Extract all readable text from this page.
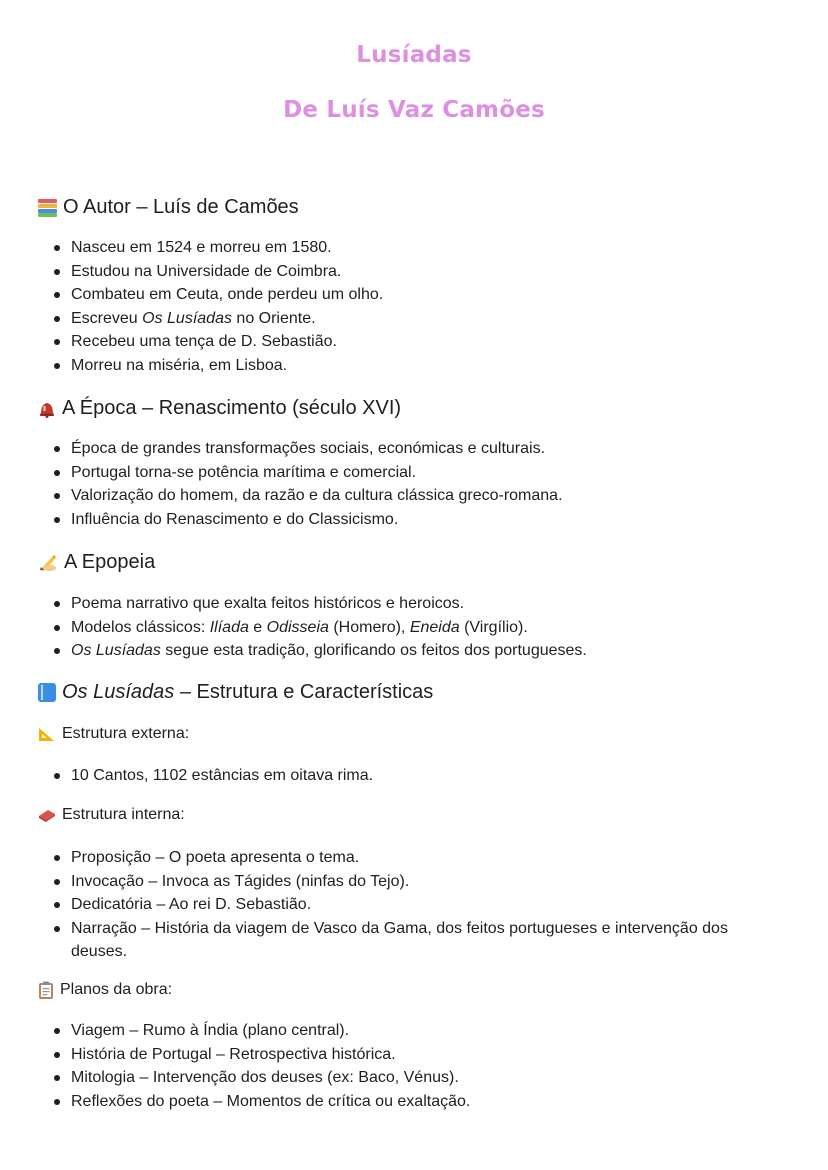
Lusíadas
De Luís Vaz Camões
O Autor – Luís de Camões
Nasceu em 1524 e morreu em 1580.
Estudou na Universidade de Coimbra.
Combateu em Ceuta, onde perdeu um olho.
Escreveu Os Lusíadas no Oriente.
Recebeu uma tença de D. Sebastião.
Morreu na miséria, em Lisboa.
A Época – Renascimento (século XVI)
Época de grandes transformações sociais, económicas e culturais.
Portugal torna-se potência marítima e comercial.
Valorização do homem, da razão e da cultura clássica greco-romana.
Influência do Renascimento e do Classicismo.
A Epopeia
Poema narrativo que exalta feitos históricos e heroicos.
Modelos clássicos: Ilíada e Odisseia (Homero), Eneida (Virgílio).
Os Lusíadas segue esta tradição, glorificando os feitos dos portugueses.
Os Lusíadas – Estrutura e Características
Estrutura externa:
10 Cantos, 1102 estâncias em oitava rima.
Estrutura interna:
Proposição – O poeta apresenta o tema.
Invocação – Invoca as Tágides (ninfas do Tejo).
Dedicatória – Ao rei D. Sebastião.
Narração – História da viagem de Vasco da Gama, dos feitos portugueses e intervenção dos deuses.
Planos da obra:
Viagem – Rumo à Índia (plano central).
História de Portugal – Retrospectiva histórica.
Mitologia – Intervenção dos deuses (ex: Baco, Vénus).
Reflexões do poeta – Momentos de crítica ou exaltação.
